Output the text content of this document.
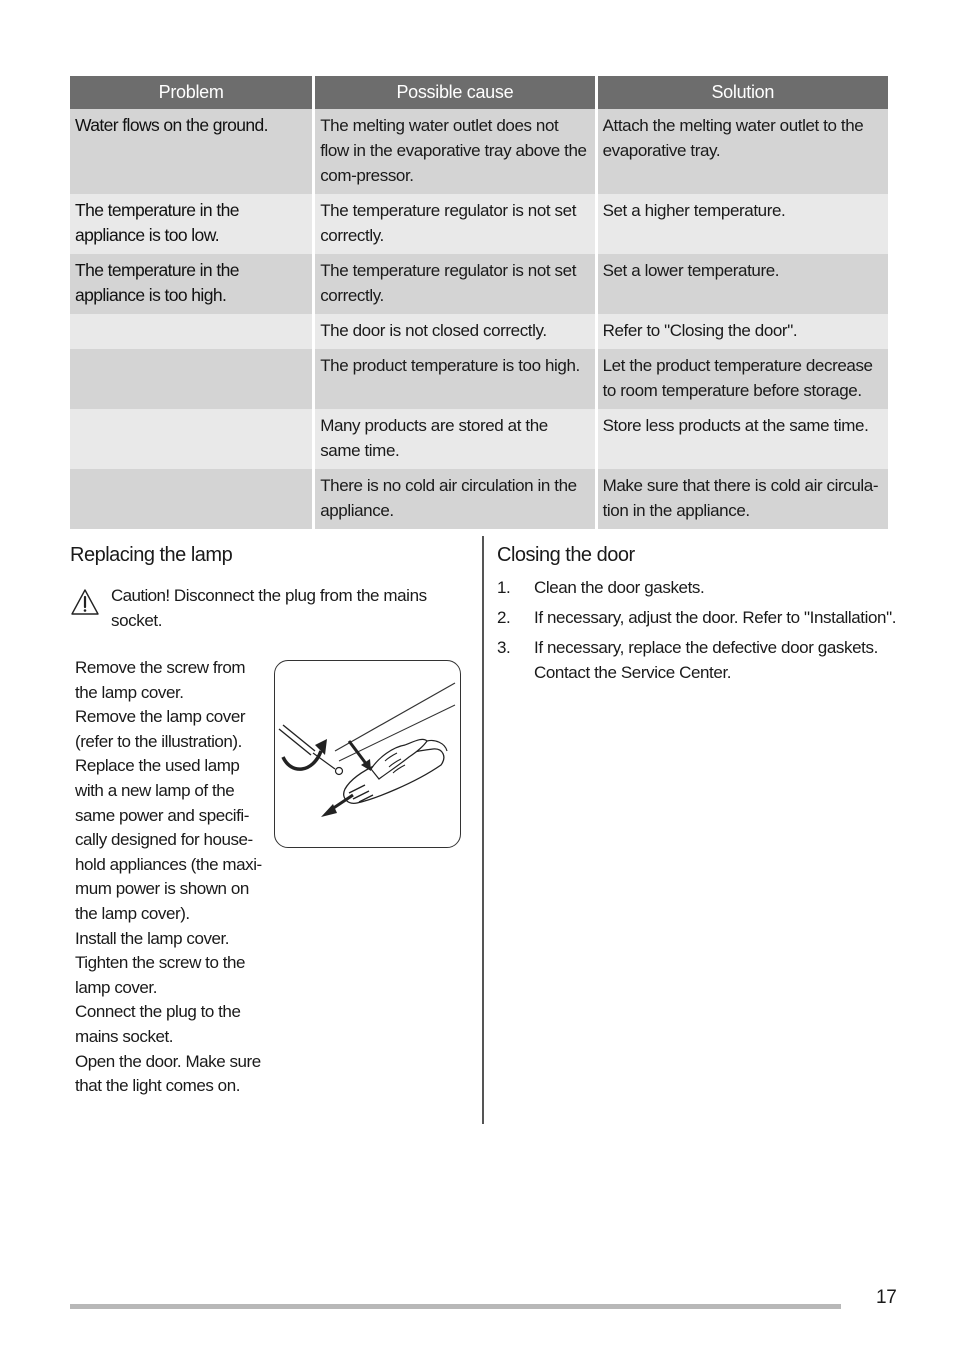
Problem	Possible cause	Solution
Water flows on the ground.	The melting water outlet does not flow in the evaporative tray above the com-pressor.	Attach the melting water outlet to the evaporative tray.
The temperature in the appliance is too low.	The temperature regulator is not set correctly.	Set a higher temperature.
The temperature in the appliance is too high.	The temperature regulator is not set correctly.	Set a lower temperature.
	The door is not closed correctly.	Refer to "Closing the door".
	The product temperature is too high.	Let the product temperature decrease to room temperature before storage.
	Many products are stored at the same time.	Store less products at the same time.
	There is no cold air circulation in the appliance.	Make sure that there is cold air circula-tion in the appliance.
Replacing the lamp
Caution! Disconnect the plug from the mains socket.
Remove the screw from the lamp cover.
Remove the lamp cover (refer to the illustration).
Replace the used lamp with a new lamp of the same power and specifi-cally designed for house-hold appliances (the maxi-mum power is shown on the lamp cover).
Install the lamp cover.
Tighten the screw to the lamp cover.
Connect the plug to the mains socket.
Open the door. Make sure that the light comes on.
Closing the door
1. Clean the door gaskets.
2. If necessary, adjust the door. Refer to "Installation".
3. If necessary, replace the defective door gaskets. Contact the Service Center.
17
